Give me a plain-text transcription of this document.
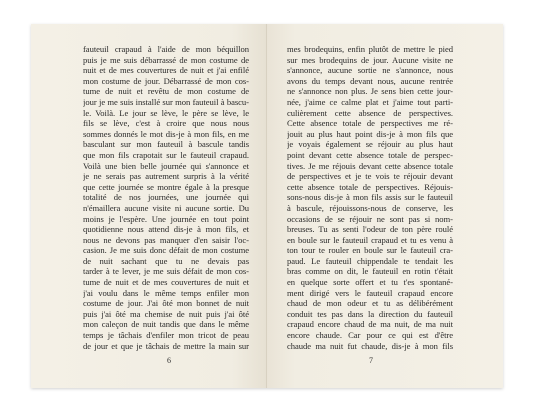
fauteuil crapaud à l'aide de mon béquillon
puis je me suis débarrassé de mon costume de
nuit et de mes couvertures de nuit et j'ai enfilé
mon costume de jour. Débarrassé de mon cos-
tume de nuit et revêtu de mon costume de
jour je me suis installé sur mon fauteuil à bascu-
le. Voilà. Le jour se lève, le père se lève, le
fils se lève, c'est à croire que nous nous
sommes donnés le mot dis-je à mon fils, en me
basculant sur mon fauteuil à bascule tandis
que mon fils crapotait sur le fauteuil crapaud.
Voilà une bien belle journée qui s'annonce et
je ne serais pas autrement surpris à la vérité
que cette journée se montre égale à la presque
totalité de nos journées, une journée qui
n'émaillera aucune visite ni aucune sortie. Du
moins je l'espère. Une journée en tout point
quotidienne nous attend dis-je à mon fils, et
nous ne devons pas manquer d'en saisir l'oc-
casion. Je me suis donc défait de mon costume
de nuit sachant que tu ne devais pas
tarder à te lever, je me suis défait de mon cos-
tume de nuit et de mes couvertures de nuit et
j'ai voulu dans le même temps enfiler mon
costume de jour. J'ai ôté mon bonnet de nuit
puis j'ai ôté ma chemise de nuit puis j'ai ôté
mon caleçon de nuit tandis que dans le même
temps je tâchais d'enfiler mon tricot de peau
de jour et que je tâchais de mettre la main sur
6
mes brodequins, enfin plutôt de mettre le pied
sur mes brodequins de jour. Aucune visite ne
s'annonce, aucune sortie ne s'annonce, nous
avons du temps devant nous, aucune rentrée
ne s'annonce non plus. Je sens bien cette jour-
née, j'aime ce calme plat et j'aime tout parti-
culièrement cette absence de perspectives.
Cette absence totale de perspectives me ré-
jouit au plus haut point dis-je à mon fils que
je voyais également se réjouir au plus haut
point devant cette absence totale de perspec-
tives. Je me réjouis devant cette absence totale
de perspectives et je te vois te réjouir devant
cette absence totale de perspectives. Réjouis-
sons-nous dis-je à mon fils assis sur le fauteuil
à bascule, réjouissons-nous de conserve, les
occasions de se réjouir ne sont pas si nom-
breuses. Tu as senti l'odeur de ton père roulé
en boule sur le fauteuil crapaud et tu es venu à
ton tour te rouler en boule sur le fauteuil cra-
paud. Le fauteuil chippendale te tendait les
bras comme on dit, le fauteuil en rotin t'était
en quelque sorte offert et tu t'es spontané-
ment dirigé vers le fauteuil crapaud encore
chaud de mon odeur et tu as délibérément
conduit tes pas dans la direction du fauteuil
crapaud encore chaud de ma nuit, de ma nuit
encore chaude. Car pour ce qui est d'être
chaude ma nuit fut chaude, dis-je à mon fils
7
